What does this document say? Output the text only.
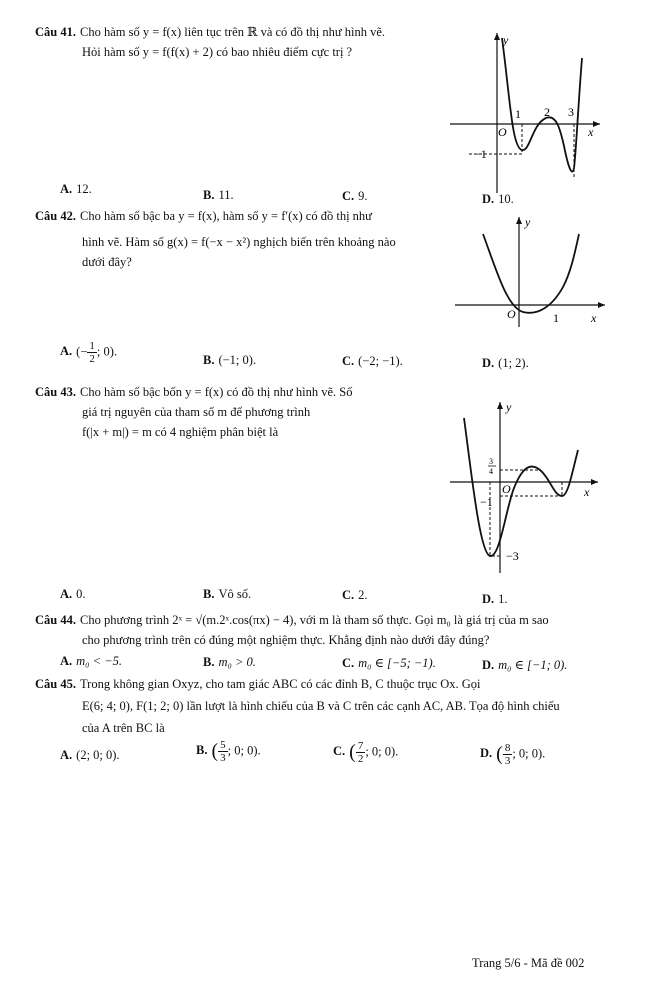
Câu 41. Cho hàm số y = f(x) liên tục trên ℝ và có đồ thị như hình vẽ.
Hỏi hàm số y = f(f(x) + 2) có bao nhiêu điểm cực trị ?
y
x
O
1 2 3
−1
A. 12.	B. 11.	C. 9.	D. 10.
Câu 42. Cho hàm số bậc ba y = f(x), hàm số y = f′(x) có đồ thị như
hình vẽ. Hàm số g(x) = f(−x − x²) nghịch biến trên khoảng nào
dưới đây?
y
x
O	1
A. (− $\frac{1}{2}$ ; 0).
B. (−1; 0).	C. (−2; −1).	D. (1; 2).
Câu 43. Cho hàm số bậc bốn y = f(x) có đồ thị như hình vẽ. Số
giá trị nguyên của tham số m để phương trình
f(|x + m|) = m có 4 nghiệm phân biệt là
y
x
O
3
4
−1
−3
A. 0.	B. Vô số.	C. 2.	D. 1.
Câu 44. Cho phương trình 2ˣ = √(m.2ˣ.cos(πx) − 4), với m là tham số thực. Gọi m₀ là giá trị của m sao
cho phương trình trên có đúng một nghiệm thực. Khẳng định nào dưới đây đúng?
A. m₀ < −5.	B. m₀ > 0.	C. m₀ ∈ [−5; −1).	D. m₀ ∈ [−1; 0).
Câu 45. Trong không gian Oxyz, cho tam giác ABC có các đỉnh B, C thuộc trục Ox. Gọi
E(6; 4; 0), F(1; 2; 0) lần lượt là hình chiếu của B và C trên các cạnh AC, AB. Tọa độ hình chiếu
của A trên BC là
A. (2; 0; 0).	B. ( $\frac{5}{3}$ ; 0; 0).	C. ( $\frac{7}{2}$ ; 0; 0).	D. ( $\frac{8}{3}$ ; 0; 0).
Trang 5/6 - Mã đề 002
